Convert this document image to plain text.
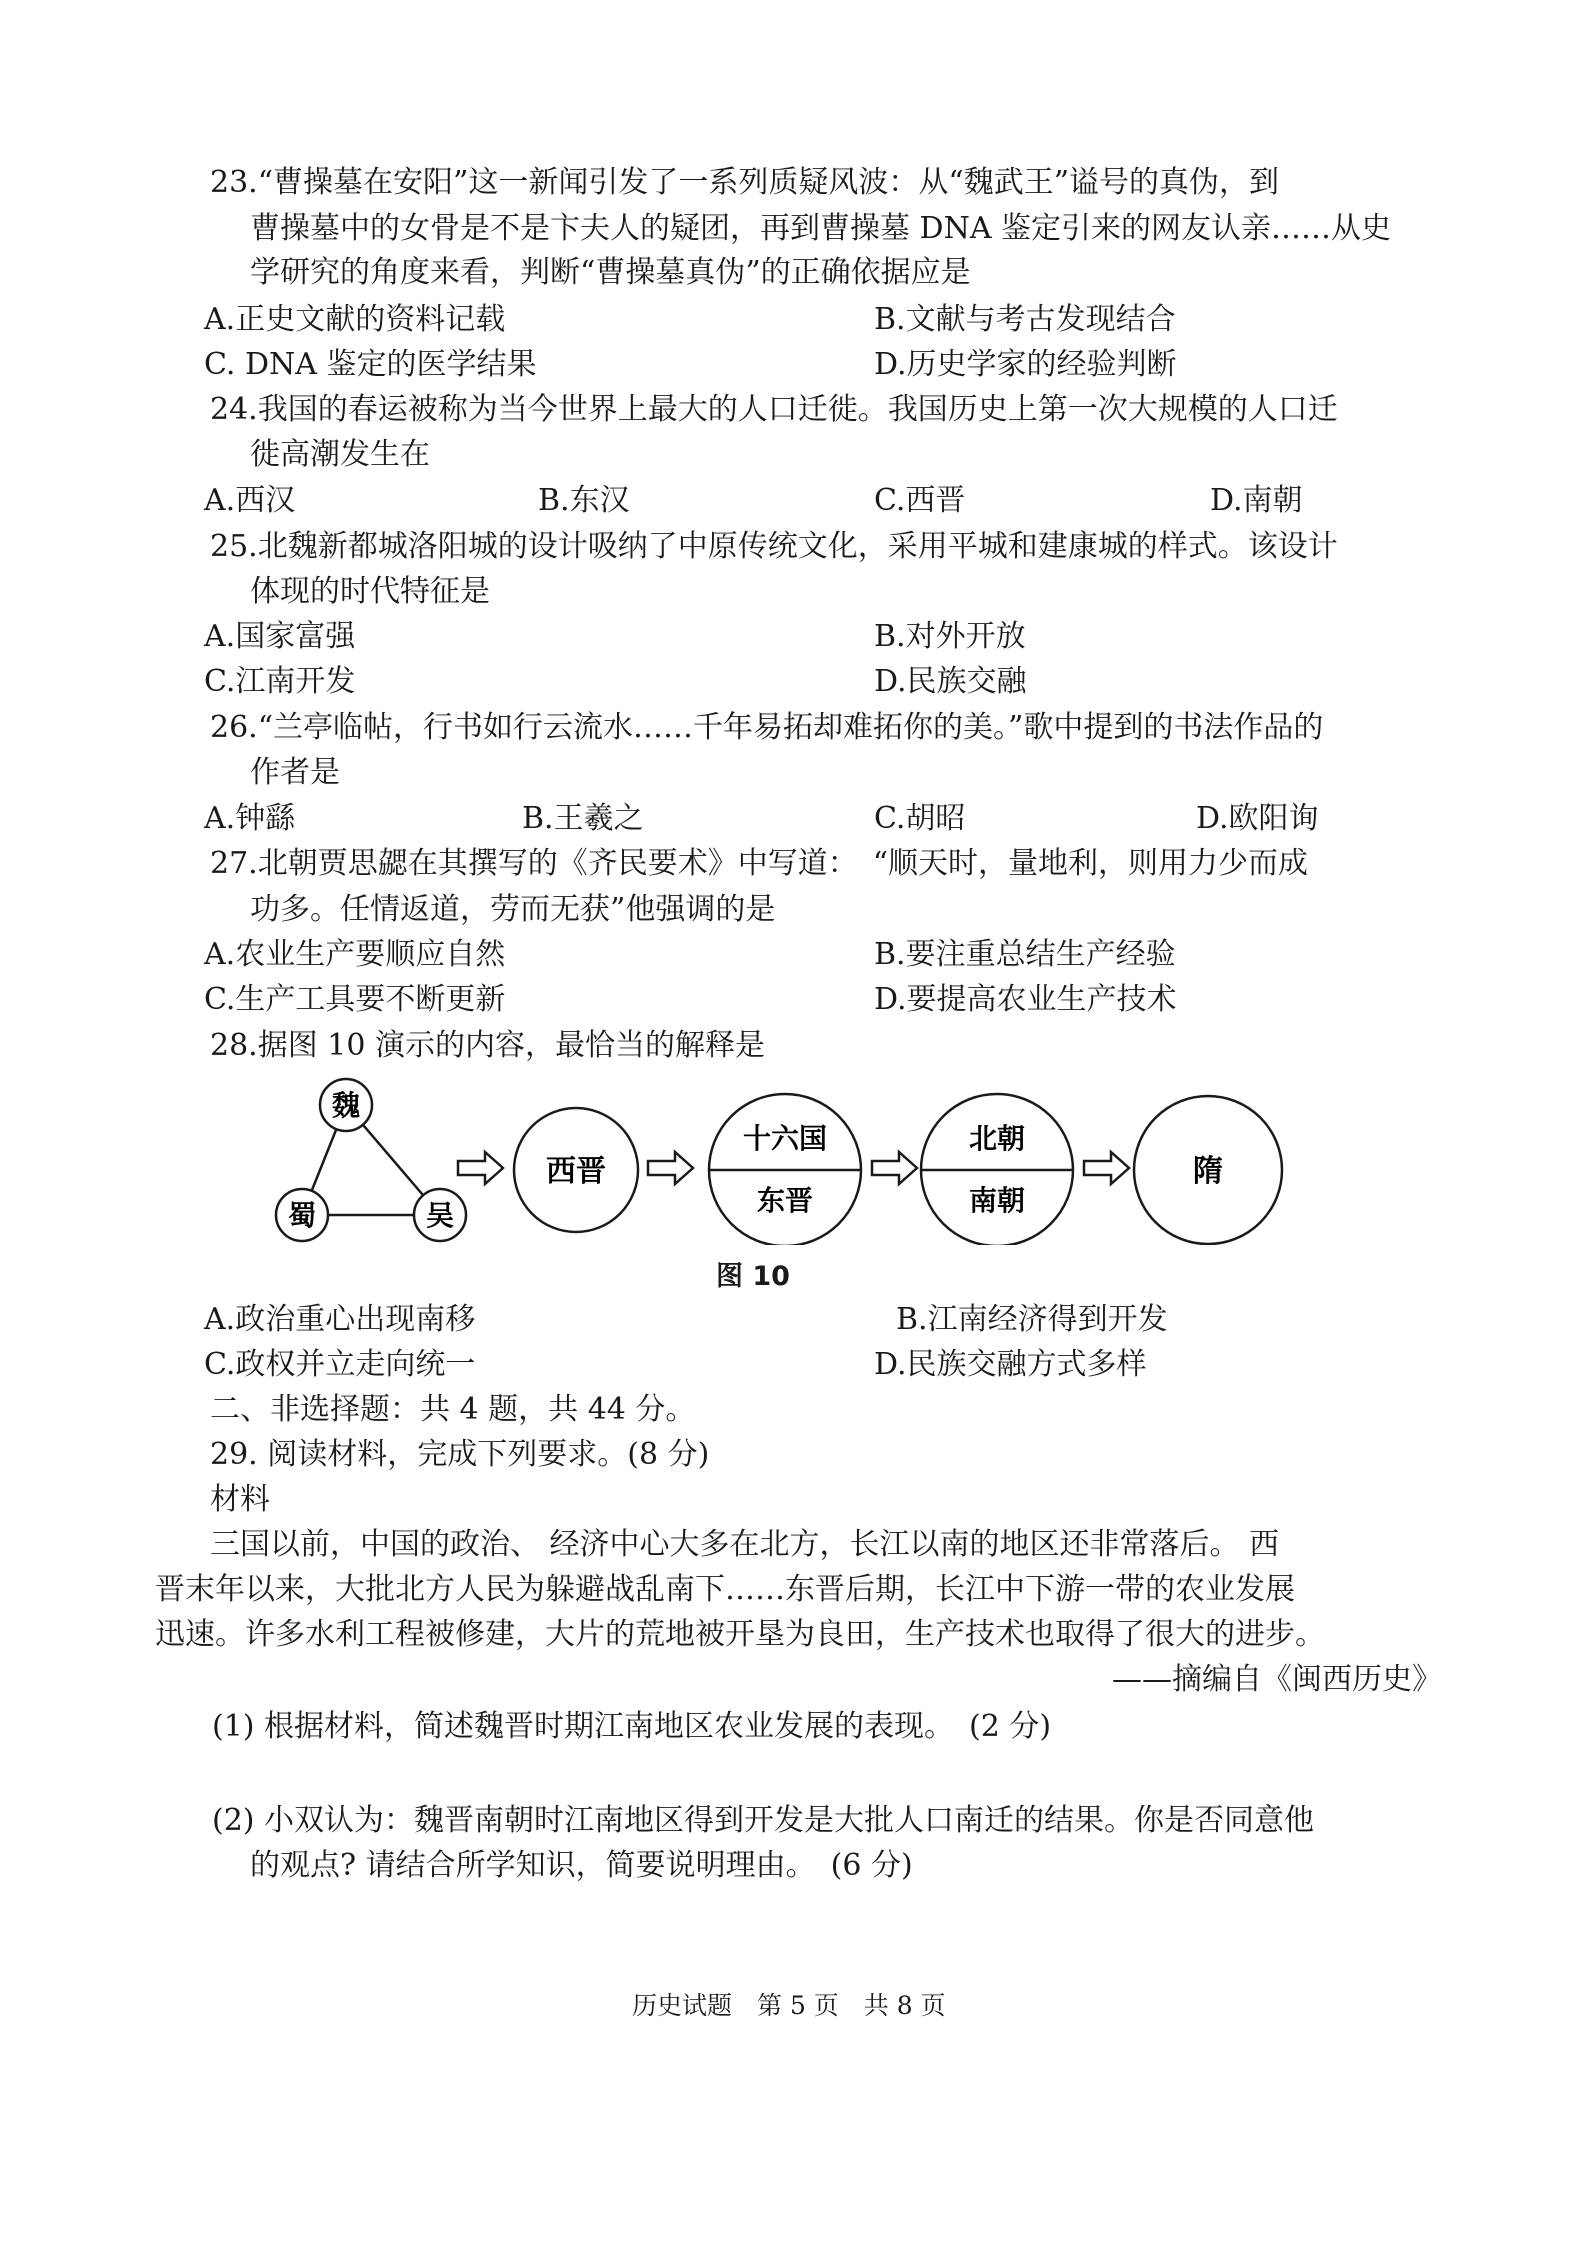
23.“曹操墓在安阳”这一新闻引发了一系列质疑风波：从“魏武王”谥号的真伪，到
曹操墓中的女骨是不是卞夫人的疑团，再到曹操墓 DNA 鉴定引来的网友认亲……从史
学研究的角度来看，判断“曹操墓真伪”的正确依据应是
A.正史文献的资料记载	B.文献与考古发现结合
C. DNA 鉴定的医学结果	D.历史学家的经验判断
24.我国的春运被称为当今世界上最大的人口迁徙。我国历史上第一次大规模的人口迁
徙高潮发生在
A.西汉	B.东汉	C.西晋	D.南朝
25.北魏新都城洛阳城的设计吸纳了中原传统文化，采用平城和建康城的样式。该设计
体现的时代特征是
A.国家富强	B.对外开放
C.江南开发	D.民族交融
26.“兰亭临帖，行书如行云流水……千年易拓却难拓你的美。”歌中提到的书法作品的
作者是
A.钟繇	B.王羲之	C.胡昭	D.欧阳询
27.北朝贾思勰在其撰写的《齐民要术》中写道：　“顺天时，量地利，则用力少而成
功多。任情返道，劳而无获”他强调的是
A.农业生产要顺应自然	B.要注重总结生产经验
C.生产工具要不断更新	D.要提高农业生产技术
28.据图 10 演示的内容，最恰当的解释是
魏
蜀	吴
西晋
十六国
东晋
北朝
南朝
隋
图 10
A.政治重心出现南移	B.江南经济得到开发
C.政权并立走向统一	D.民族交融方式多样
二、非选择题：共 4 题，共 44 分。
29. 阅读材料，完成下列要求。(8 分)
材料
三国以前，中国的政治、 经济中心大多在北方，长江以南的地区还非常落后。 西
晋末年以来，大批北方人民为躲避战乱南下……东晋后期，长江中下游一带的农业发展
迅速。许多水利工程被修建，大片的荒地被开垦为良田，生产技术也取得了很大的进步。
——摘编自《闽西历史》
(1) 根据材料，简述魏晋时期江南地区农业发展的表现。　(2 分)
(2) 小双认为：魏晋南朝时江南地区得到开发是大批人口南迁的结果。你是否同意他
的观点? 请结合所学知识，简要说明理由。　(6 分)
历史试题　第 5 页　共 8 页
